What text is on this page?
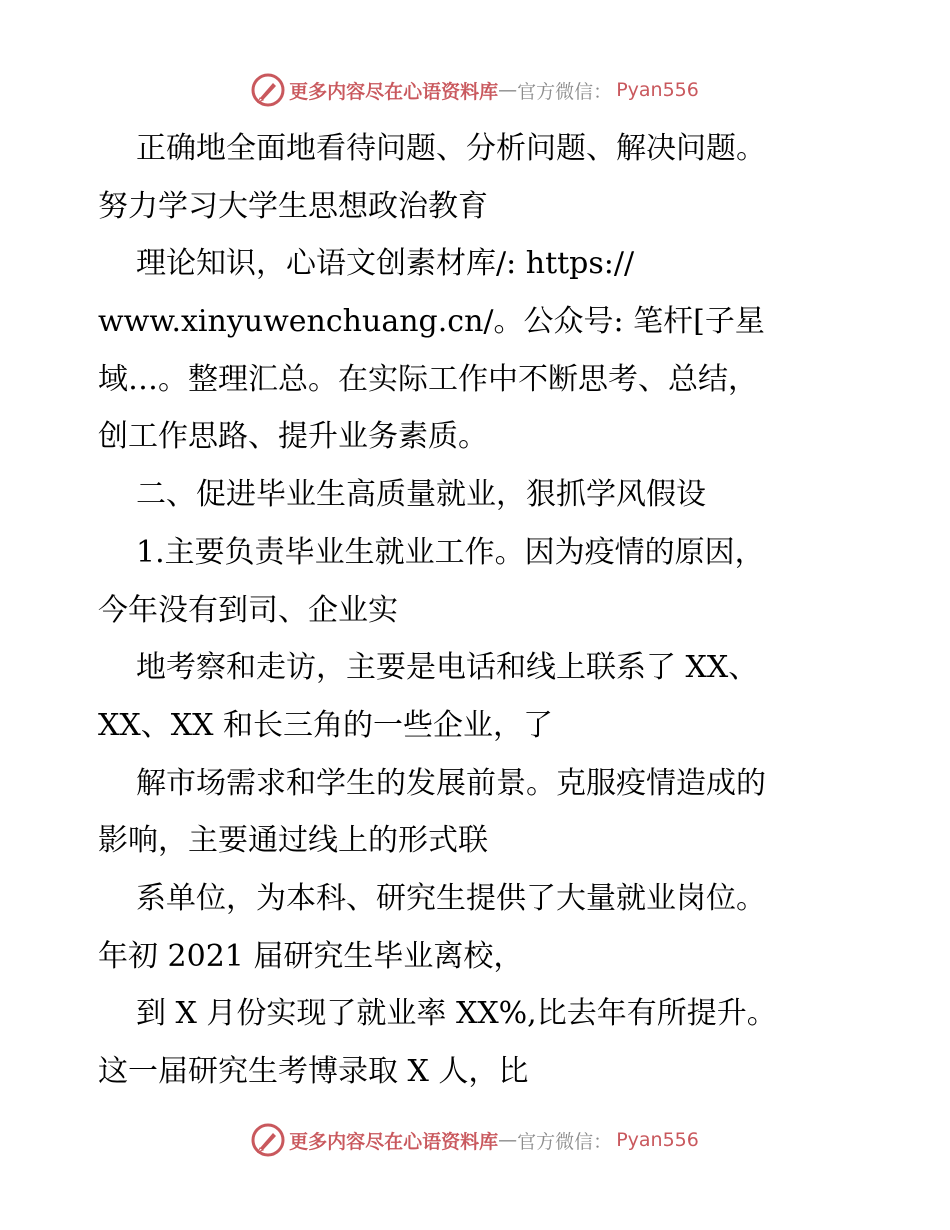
更多内容尽在心语资料库 — 官方微信： Pyan556

正确地全面地看待问题、分析问题、解决问题。

努力学习大学生思想政治教育

理论知识，心语文创素材库/: https://

www.xinyuwenchuang.cn/。公众号: 笔杆[子星

域…。整理汇总。在实际工作中不断思考、总结，

创工作思路、提升业务素质。

二、促进毕业生高质量就业，狠抓学风假设

1.主要负责毕业生就业工作。因为疫情的原因，

今年没有到司、企业实

地考察和走访，主要是电话和线上联系了 XX、

XX、XX 和长三角的一些企业，了

解市场需求和学生的发展前景。克服疫情造成的

影响，主要通过线上的形式联

系单位，为本科、研究生提供了大量就业岗位。

年初 2021 届研究生毕业离校，

到 X 月份实现了就业率 XX%,比去年有所提升。

这一届研究生考博录取 X 人，比

更多内容尽在心语资料库 — 官方微信： Pyan556
